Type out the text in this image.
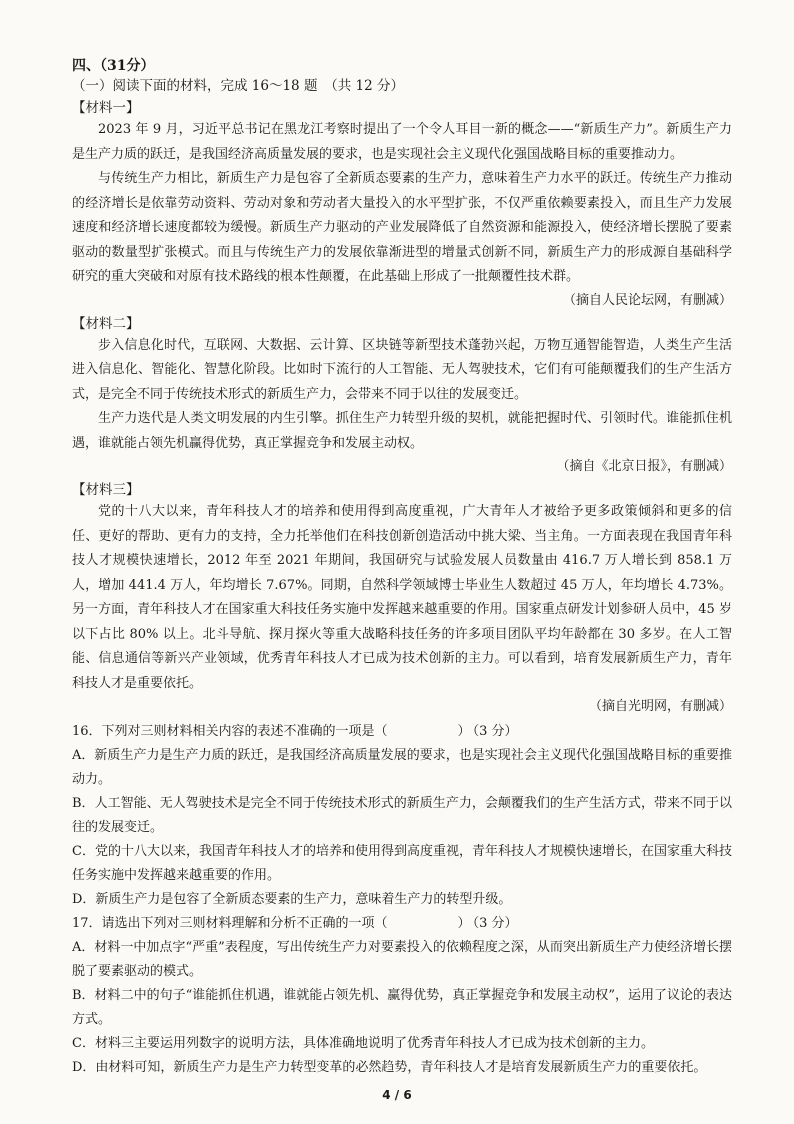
四、（31分）

（一）阅读下面的材料，完成 16～18 题　（共 12 分）

【材料一】

2023 年 9 月，习近平总书记在黑龙江考察时提出了一个令人耳目一新的概念——“新质生产力”。新质生产力是生产力质的跃迁，是我国经济高质量发展的要求，也是实现社会主义现代化强国战略目标的重要推动力。

与传统生产力相比，新质生产力是包容了全新质态要素的生产力，意味着生产力水平的跃迁。传统生产力推动的经济增长是依靠劳动资料、劳动对象和劳动者大量投入的水平型扩张，不仅严重依赖要素投入，而且生产力发展速度和经济增长速度都较为缓慢。新质生产力驱动的产业发展降低了自然资源和能源投入，使经济增长摆脱了要素驱动的数量型扩张模式。而且与传统生产力的发展依靠渐进型的增量式创新不同，新质生产力的形成源自基础科学研究的重大突破和对原有技术路线的根本性颠覆，在此基础上形成了一批颠覆性技术群。

（摘自人民论坛网，有删减）

【材料二】

步入信息化时代，互联网、大数据、云计算、区块链等新型技术蓬勃兴起，万物互通智能智造，人类生产生活进入信息化、智能化、智慧化阶段。比如时下流行的人工智能、无人驾驶技术，它们有可能颠覆我们的生产生活方式，是完全不同于传统技术形式的新质生产力，会带来不同于以往的发展变迁。

生产力迭代是人类文明发展的内生引擎。抓住生产力转型升级的契机，就能把握时代、引领时代。谁能抓住机遇，谁就能占领先机赢得优势，真正掌握竞争和发展主动权。

（摘自《北京日报》，有删减）

【材料三】

党的十八大以来，青年科技人才的培养和使用得到高度重视，广大青年人才被给予更多政策倾斜和更多的信任、更好的帮助、更有力的支持，全力托举他们在科技创新创造活动中挑大梁、当主角。一方面表现在我国青年科技人才规模快速增长，2012 年至 2021 年期间，我国研究与试验发展人员数量由 416.7 万人增长到 858.1 万人，增加 441.4 万人，年均增长 7.67%。同期，自然科学领域博士毕业生人数超过 45 万人，年均增长 4.73%。另一方面，青年科技人才在国家重大科技任务实施中发挥越来越重要的作用。国家重点研发计划参研人员中，45 岁以下占比 80% 以上。北斗导航、探月探火等重大战略科技任务的许多项目团队平均年龄都在 30 多岁。在人工智能、信息通信等新兴产业领域，优秀青年科技人才已成为技术创新的主力。可以看到，培育发展新质生产力，青年科技人才是重要依托。

（摘自光明网，有删减）

16．下列对三则材料相关内容的表述不准确的一项是（	） （3 分）

A．新质生产力是生产力质的跃迁，是我国经济高质量发展的要求，也是实现社会主义现代化强国战略目标的重要推动力。

B．人工智能、无人驾驶技术是完全不同于传统技术形式的新质生产力，会颠覆我们的生产生活方式，带来不同于以往的发展变迁。

C．党的十八大以来，我国青年科技人才的培养和使用得到高度重视，青年科技人才规模快速增长，在国家重大科技任务实施中发挥越来越重要的作用。

D．新质生产力是包容了全新质态要素的生产力，意味着生产力的转型升级。

17．请选出下列对三则材料理解和分析不正确的一项（	） （3 分）

A．材料一中加点字“严重”表程度，写出传统生产力对要素投入的依赖程度之深，从而突出新质生产力使经济增长摆脱了要素驱动的模式。

B．材料二中的句子“谁能抓住机遇，谁就能占领先机、赢得优势，真正掌握竞争和发展主动权”，运用了议论的表达方式。

C．材料三主要运用列数字的说明方法，具体准确地说明了优秀青年科技人才已成为技术创新的主力。

D．由材料可知，新质生产力是生产力转型变革的必然趋势，青年科技人才是培育发展新质生产力的重要依托。

4 / 6
